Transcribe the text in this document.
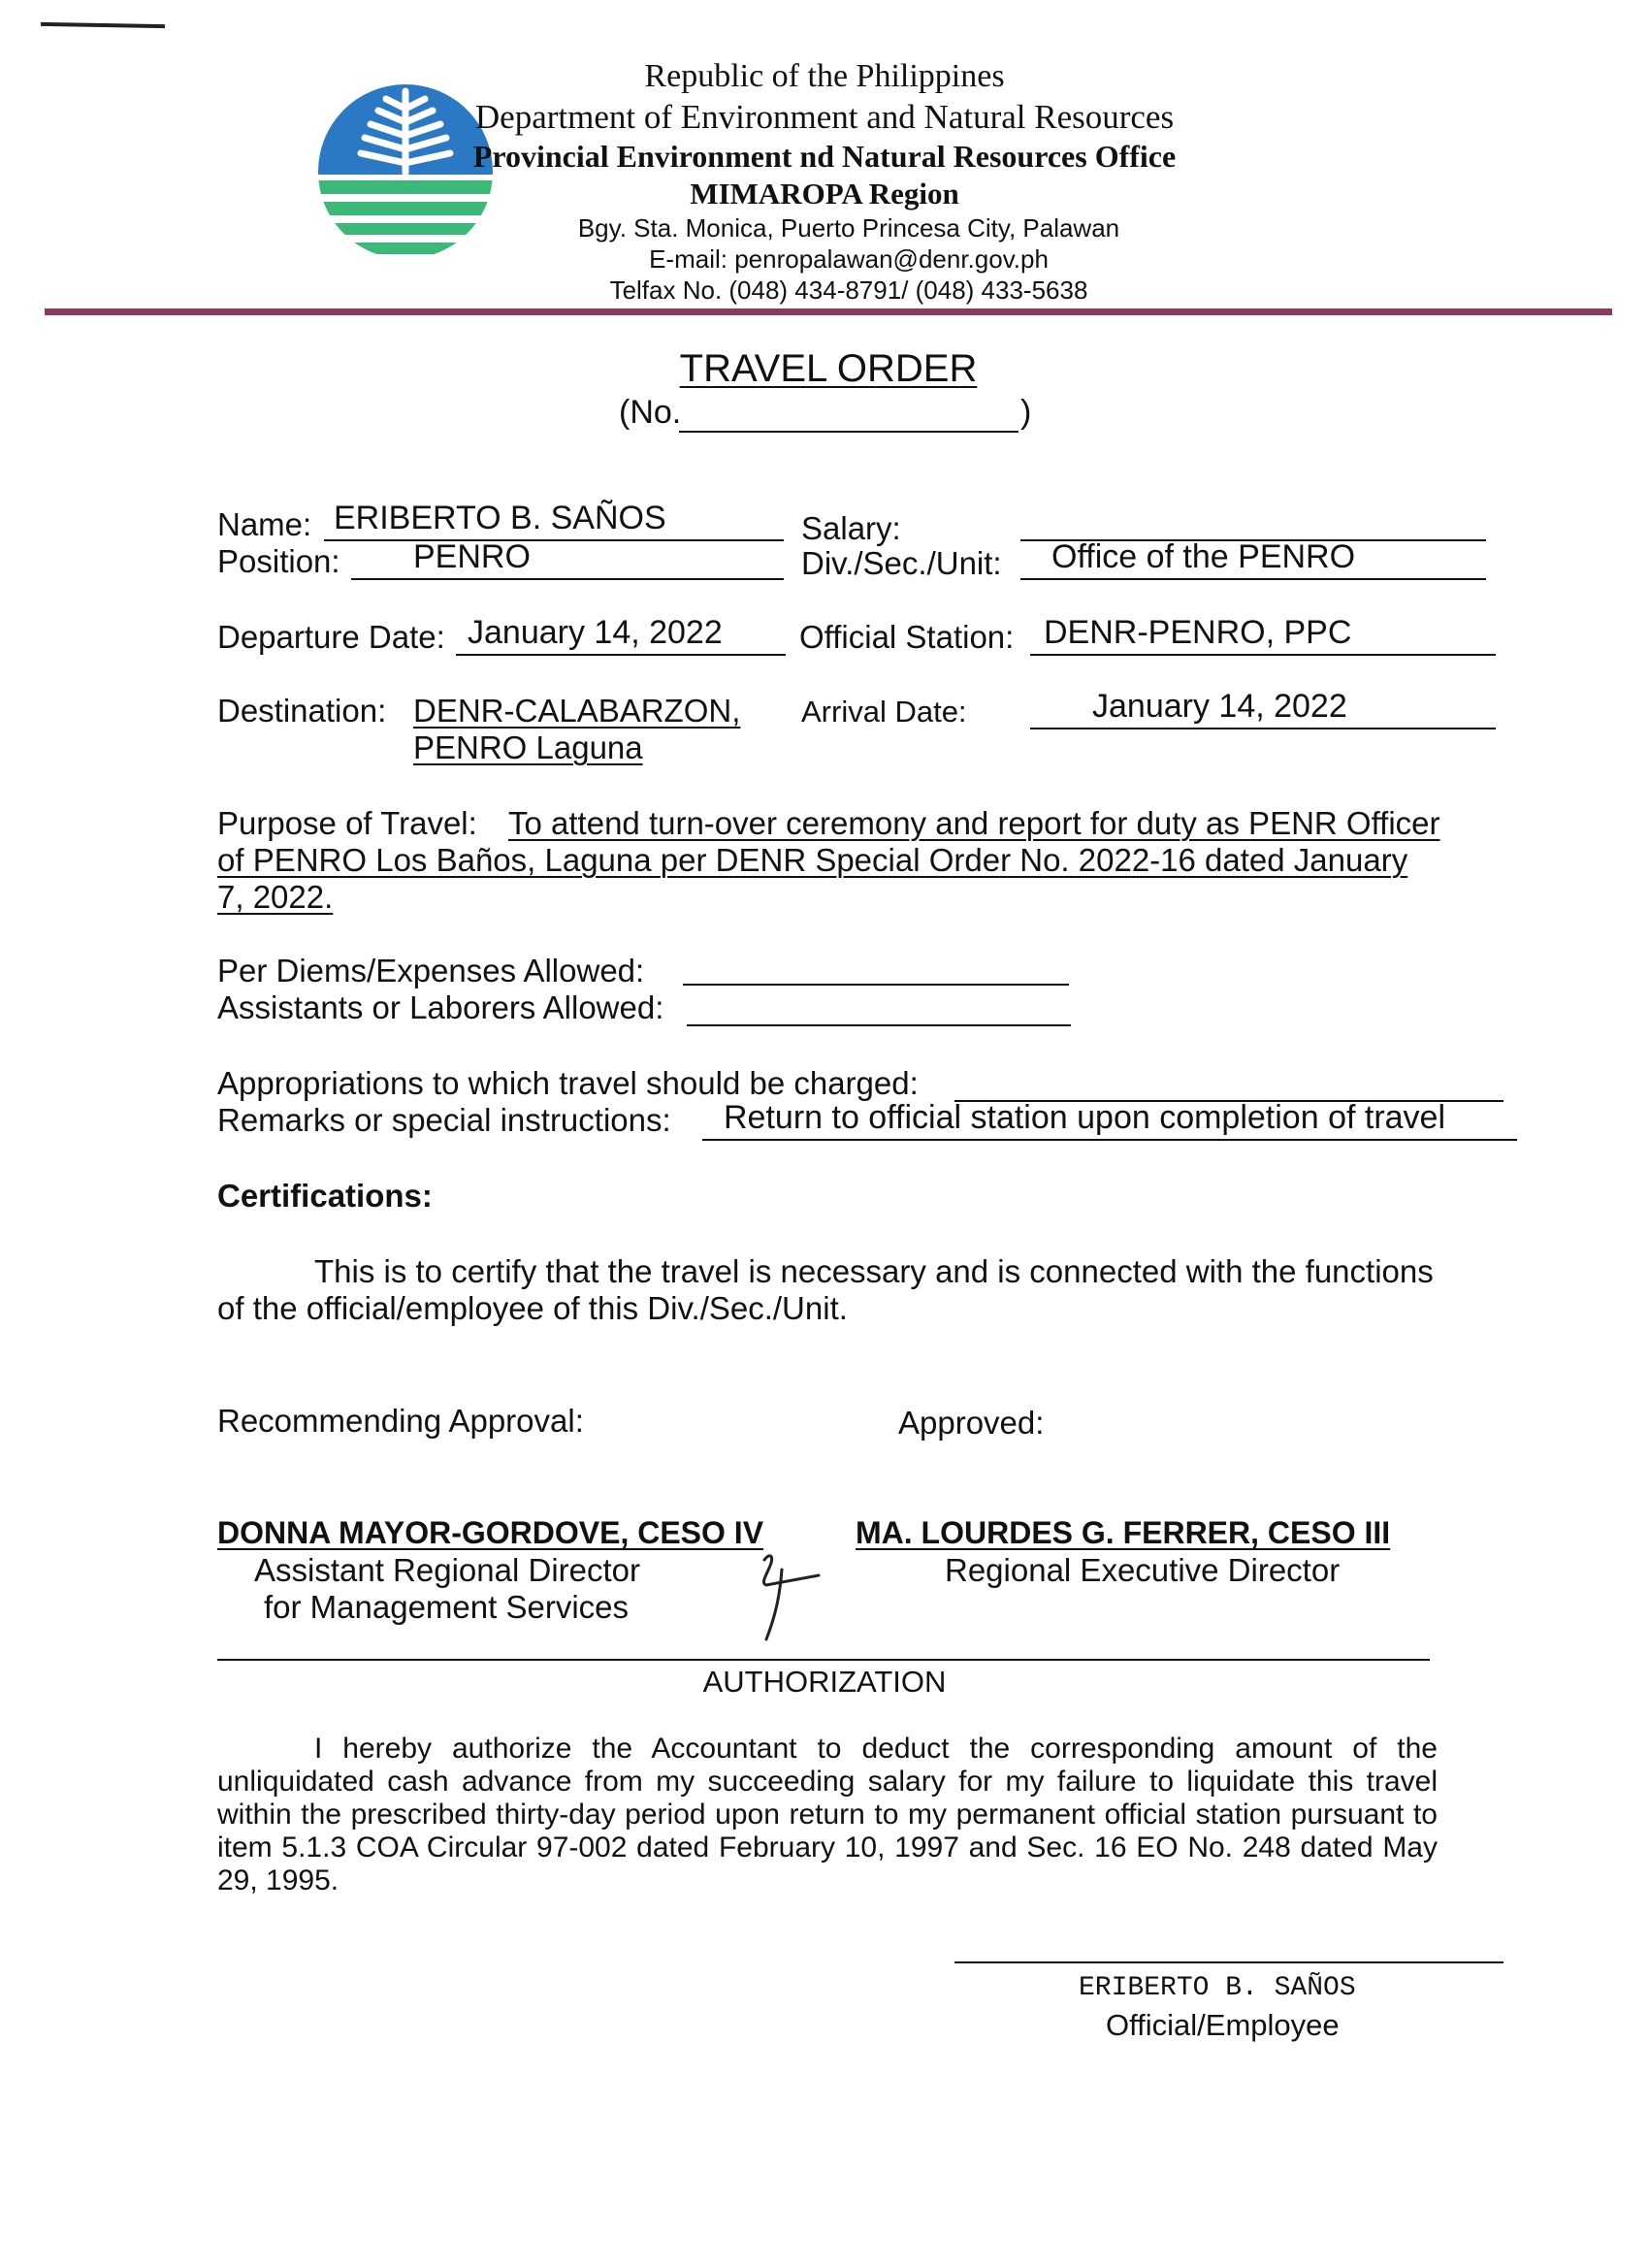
Republic of the Philippines
Department of Environment and Natural Resources
Provincial Environment nd Natural Resources Office
MIMAROPA Region
Bgy. Sta. Monica, Puerto Princesa City, Palawan
E-mail: penropalawan@denr.gov.ph
Telfax No. (048) 434-8791/ (048) 433-5638
TRAVEL ORDER
(No.	)
Name: ERIBERTO B. SAÑOS	Salary:
Position: PENRO	Div./Sec./Unit: Office of the PENRO
Departure Date: January 14, 2022 Official Station: DENR-PENRO, PPC
Destination: DENR-CALABARZON,
PENRO Laguna
Arrival Date:	January 14, 2022
Purpose of Travel: To attend turn-over ceremony and report for duty as PENR Officer
of PENRO Los Baños, Laguna per DENR Special Order No. 2022-16 dated January
7, 2022.
Per Diems/Expenses Allowed:
Assistants or Laborers Allowed:
Appropriations to which travel should be charged:
Remarks or special instructions: Return to official station upon completion of travel
Certifications:
This is to certify that the travel is necessary and is connected with the functions
of the official/employee of this Div./Sec./Unit.
Recommending Approval:	Approved:
DONNA MAYOR-GORDOVE, CESO IV
Assistant Regional Director
for Management Services
MA. LOURDES G. FERRER, CESO III
Regional Executive Director
AUTHORIZATION
I hereby authorize the Accountant to deduct the corresponding amount of the unliquidated cash advance from my succeeding salary for my failure to liquidate this travel within the prescribed thirty-day period upon return to my permanent official station pursuant to item 5.1.3 COA Circular 97-002 dated February 10, 1997 and Sec. 16 EO No. 248 dated May 29, 1995.
ERIBERTO B. SAÑOS
Official/Employee
